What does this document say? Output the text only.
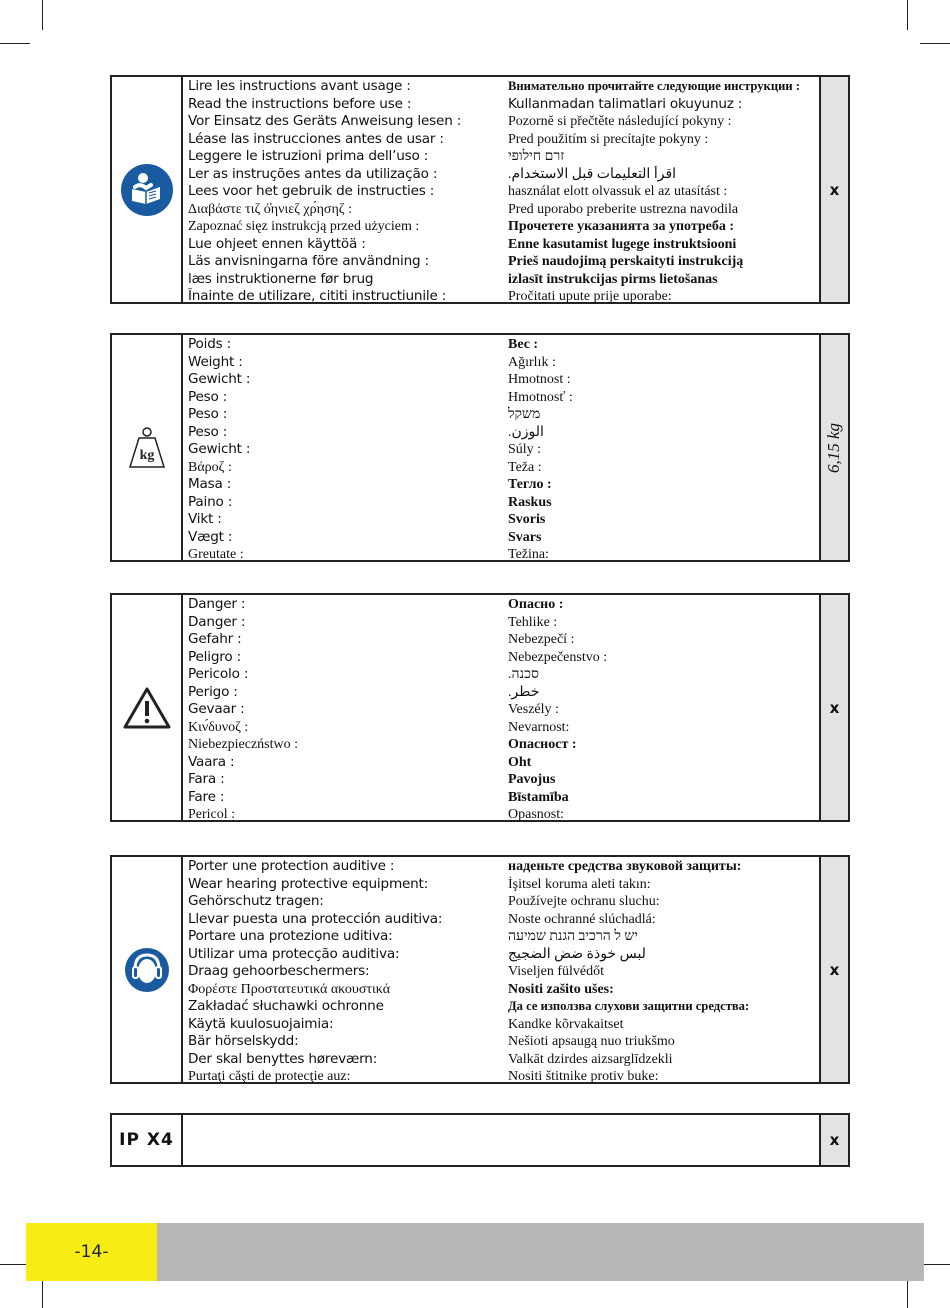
Lire les instructions avant usage :
Read the instructions before use :
Vor Einsatz des Geräts Anweisung lesen :
Léase las instrucciones antes de usar :
Leggere le istruzioni prima dell’uso :
Ler as instruções antes da utilização :
Lees voor het gebruik de instructies :
Διαβάστε τιζ ό̓ηνιεζ χρ́ησηζ :
Zapoznać sięz instrukcją przed użyciem :
Lue ohjeet ennen käyttöä :
Läs anvisningarna före användning :
læs instruktionerne før brug
Înainte de utilizare, cititi instructiunile :
Внимательно прочитайте следующие инструкции :
Kullanmadan talimatlari okuyunuz :
Pozorně si přečtěte následující pokyny :
Pred použitím si precítajte pokyny :
זרם חילופי
اقرأ التعليمات قبل الاستخدام.
használat elott olvassuk el az utasítást :
Pred uporabo preberite ustrezna navodila
Прочетете указанията за употреба :
Enne kasutamist lugege instruktsiooni
Prieš naudojimą perskaityti instrukciją
izlasīt instrukcijas pirms lietošanas
Pročitati upute prije uporabe:
x
kg
Poids :
Weight :
Gewicht :
Peso :
Peso :
Peso :
Gewicht :
Βάροζ :
Masa :
Paino :
Vikt :
Vægt :
Greutate :
Вес :
Ağırlık :
Hmotnost :
Hmotnosť :
משקל
الوزن.
Súly :
Teža :
Тегло :
Raskus
Svoris
Svars
Težina:
6,15 kg
Danger :
Danger :
Gefahr :
Peligro :
Pericolo :
Perigo :
Gevaar :
Κιν́δυνοζ :
Niebezpieczństwo :
Vaara :
Fara :
Fare :
Pericol :
Опасно :
Tehlike :
Nebezpečí :
Nebezpečenstvo :
סכנה.
خطر.
Veszély :
Nevarnost:
Опасност :
Oht
Pavojus
Bīstamība
Opasnost:
x
Porter une protection auditive :
Wear hearing protective equipment:
Gehörschutz tragen:
Llevar puesta una protección auditiva:
Portare una protezione uditiva:
Utilizar uma protecção auditiva:
Draag gehoorbeschermers:
Φορέστε Προστατευτικά ακουστικά
Zakładać słuchawki ochronne
Käytä kuulosuojaimia:
Bär hörselskydd:
Der skal benyttes høreværn:
Purtaţi căşti de protecţie auz:
наденьте средства звуковой защиты:
İşitsel koruma aleti takın:
Používejte ochranu sluchu:
Noste ochranné slúchadlá:
יש ל הרכיב הגנת שמיעה
لبس خوذة ضض الضجيج
Viseljen fülvédőt
Nositi zašito ušes:
Да се използва слухови защитни средства:
Kandke kõrvakaitset
Nešioti apsaugą nuo triukšmo
Valkāt dzirdes aizsarglīdzekli
Nositi štitnike protiv buke:
x
IP X4	x
-14-
